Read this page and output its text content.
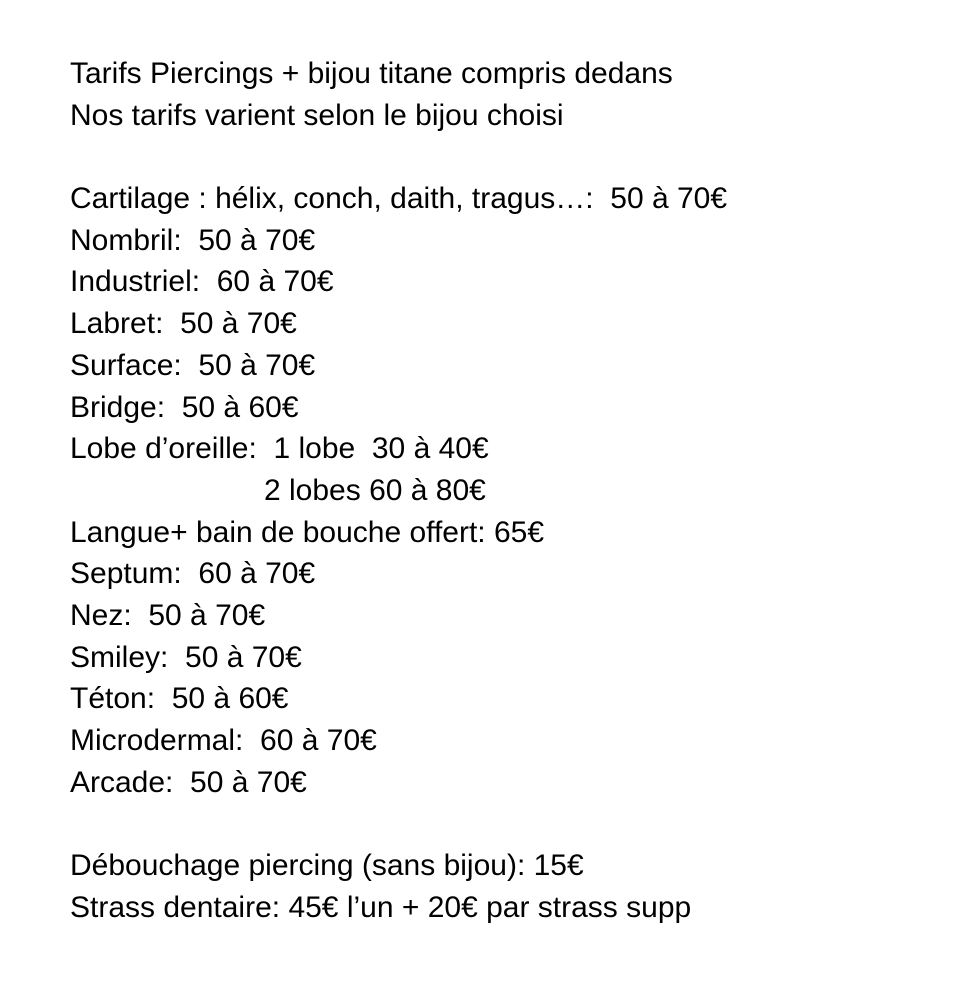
Tarifs Piercings + bijou titane compris dedans
Nos tarifs varient selon le bijou choisi
Cartilage : hélix, conch, daith, tragus…:  50 à 70€
Nombril:  50 à 70€
Industriel:  60 à 70€
Labret:  50 à 70€
Surface:  50 à 70€
Bridge:  50 à 60€
Lobe d’oreille:  1 lobe  30 à 40€
2 lobes 60 à 80€
Langue+ bain de bouche offert: 65€
Septum:  60 à 70€
Nez:  50 à 70€
Smiley:  50 à 70€
Téton:  50 à 60€
Microdermal:  60 à 70€
Arcade:  50 à 70€
Débouchage piercing (sans bijou): 15€
Strass dentaire: 45€ l’un + 20€ par strass supp
